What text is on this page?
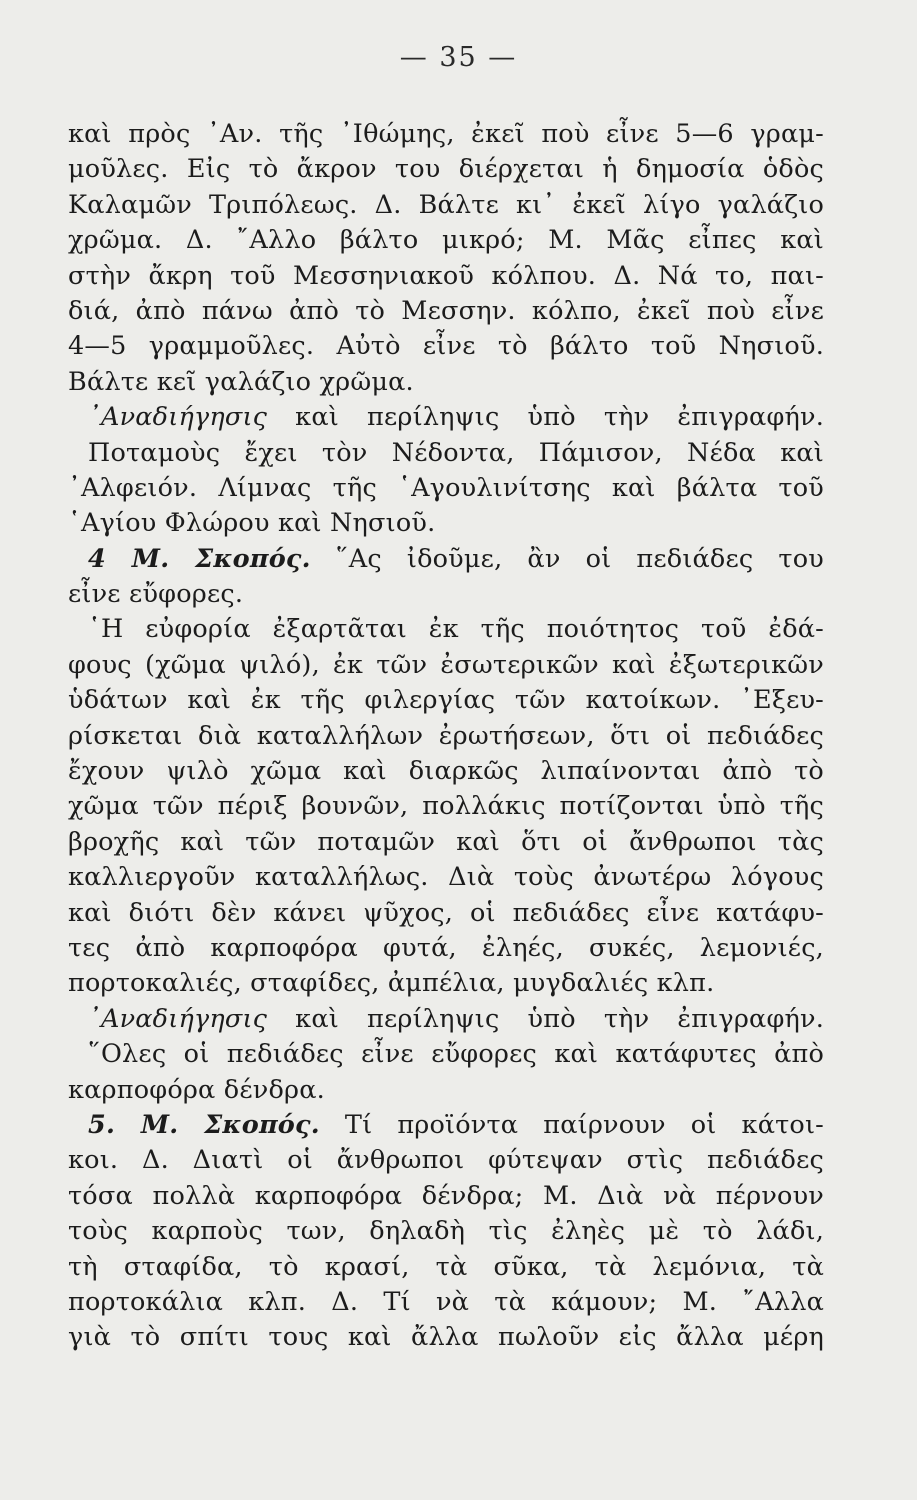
— 35 —
καὶ πρὸς ᾿Αν. τῆς ᾿Ιθώμης, ἐκεῖ ποὺ εἶνε 5—6 γραμ-
μοῦλες. Εἰς τὸ ἄκρον του διέρχεται ἡ δημοσία ὁδὸς
Καλαμῶν Τριπόλεως. Δ. Βάλτε κι᾿ ἐκεῖ λίγο γαλάζιο
χρῶμα. Δ. ῎Αλλο βάλτο μικρό; Μ. Μᾶς εἶπες καὶ
στὴν ἄκρη τοῦ Μεσσηνιακοῦ κόλπου. Δ. Νά το, παι-
διά, ἀπὸ πάνω ἀπὸ τὸ Μεσσην. κόλπο, ἐκεῖ ποὺ εἶνε
4—5 γραμμοῦλες. Αὐτὸ εἶνε τὸ βάλτο τοῦ Νησιοῦ.
Βάλτε κεῖ γαλάζιο χρῶμα.
᾿Αναδιήγησις καὶ περίληψις ὑπὸ τὴν ἐπιγραφήν.
Ποταμοὺς ἔχει τὸν Νέδοντα, Πάμισον, Νέδα καὶ
᾿Αλφειόν. Λίμνας τῆς ῾Αγουλινίτσης καὶ βάλτα τοῦ
῾Αγίου Φλώρου καὶ Νησιοῦ.
4 Μ. Σκοπός. ῞Ας ἰδοῦμε, ἂν οἱ πεδιάδες του
εἶνε εὔφορες.
῾Η εὐφορία ἐξαρτᾶται ἐκ τῆς ποιότητος τοῦ ἐδά-
φους (χῶμα ψιλό), ἐκ τῶν ἐσωτερικῶν καὶ ἐξωτερικῶν
ὑδάτων καὶ ἐκ τῆς φιλεργίας τῶν κατοίκων. ᾿Εξευ-
ρίσκεται διὰ καταλλήλων ἐρωτήσεων, ὅτι οἱ πεδιάδες
ἔχουν ψιλὸ χῶμα καὶ διαρκῶς λιπαίνονται ἀπὸ τὸ
χῶμα τῶν πέριξ βουνῶν, πολλάκις ποτίζονται ὑπὸ τῆς
βροχῆς καὶ τῶν ποταμῶν καὶ ὅτι οἱ ἄνθρωποι τὰς
καλλιεργοῦν καταλλήλως. Διὰ τοὺς ἀνωτέρω λόγους
καὶ διότι δὲν κάνει ψῦχος, οἱ πεδιάδες εἶνε κατάφυ-
τες ἀπὸ καρποφόρα φυτά, ἐληές, συκές, λεμονιές,
πορτοκαλιές, σταφίδες, ἀμπέλια, μυγδαλιές κλπ.
᾿Αναδιήγησις καὶ περίληψις ὑπὸ τὴν ἐπιγραφήν.
῞Ολες οἱ πεδιάδες εἶνε εὔφορες καὶ κατάφυτες ἀπὸ
καρποφόρα δένδρα.
5. Μ. Σκοπός. Τί προϊόντα παίρνουν οἱ κάτοι-
κοι. Δ. Διατὶ οἱ ἄνθρωποι φύτεψαν στὶς πεδιάδες
τόσα πολλὰ καρποφόρα δένδρα; Μ. Διὰ νὰ πέρνουν
τοὺς καρποὺς των, δηλαδὴ τὶς ἐληὲς μὲ τὸ λάδι,
τὴ σταφίδα, τὸ κρασί, τὰ σῦκα, τὰ λεμόνια, τὰ
πορτοκάλια κλπ. Δ. Τί νὰ τὰ κάμουν; Μ. ῎Αλλα
γιὰ τὸ σπίτι τους καὶ ἄλλα πωλοῦν εἰς ἄλλα μέρη
